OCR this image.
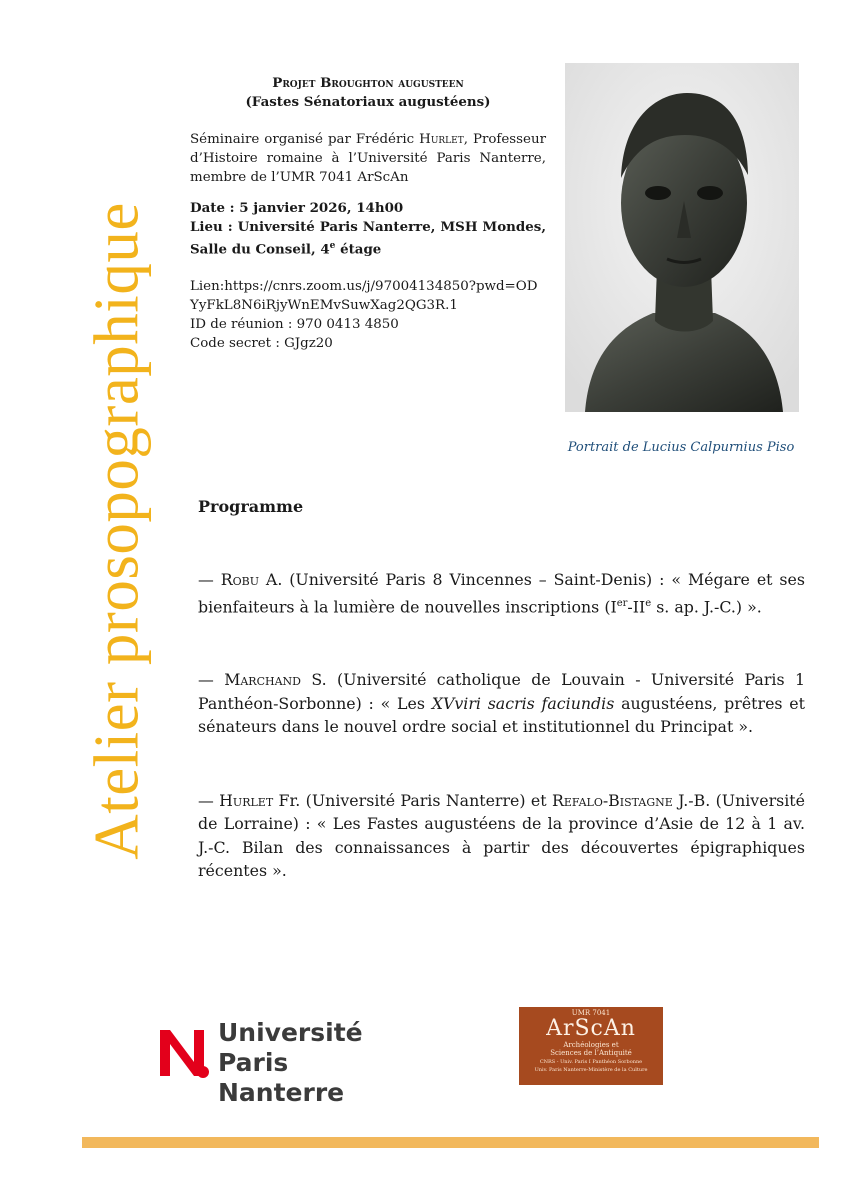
Atelier prosopographique
Projet Broughton augusteen
(Fastes Sénatoriaux augustéens)
Séminaire organisé par Frédéric Hurlet, Professeur d’Histoire romaine à l’Université Paris Nanterre, membre de l’UMR 7041 ArScAn
Date : 5 janvier 2026, 14h00
Lieu : Université Paris Nanterre, MSH Mondes, Salle du Conseil, 4e étage
Lien:https://cnrs.zoom.us/j/97004134850?pwd=ODYyFkL8N6iRjyWnEMvSuwXag2QG3R.1
ID de réunion : 970 0413 4850
Code secret : GJgz20
Portrait de Lucius Calpurnius Piso
Programme
— Robu A. (Université Paris 8 Vincennes – Saint-Denis) : « Mégare et ses bienfaiteurs à la lumière de nouvelles inscriptions (Ier-IIe s. ap. J.-C.) ».
— Marchand S. (Université catholique de Louvain - Université Paris 1 Panthéon-Sorbonne) : « Les XVviri sacris faciundis augustéens, prêtres et sénateurs dans le nouvel ordre social et institutionnel du Principat ».
— Hurlet Fr. (Université Paris Nanterre) et Refalo-Bistagne J.-B. (Université de Lorraine) : « Les Fastes augustéens de la province d’Asie de 12 à 1 av. J.-C. Bilan des connaissances à partir des découvertes épigraphiques récentes ».
Université
Paris Nanterre
UMR 7041
ArScAn
Archéologies et
Sciences de l’Antiquité
CNRS - Univ. Paris I Panthéon Sorbonne
Univ. Paris Nanterre-Ministère de la Culture
